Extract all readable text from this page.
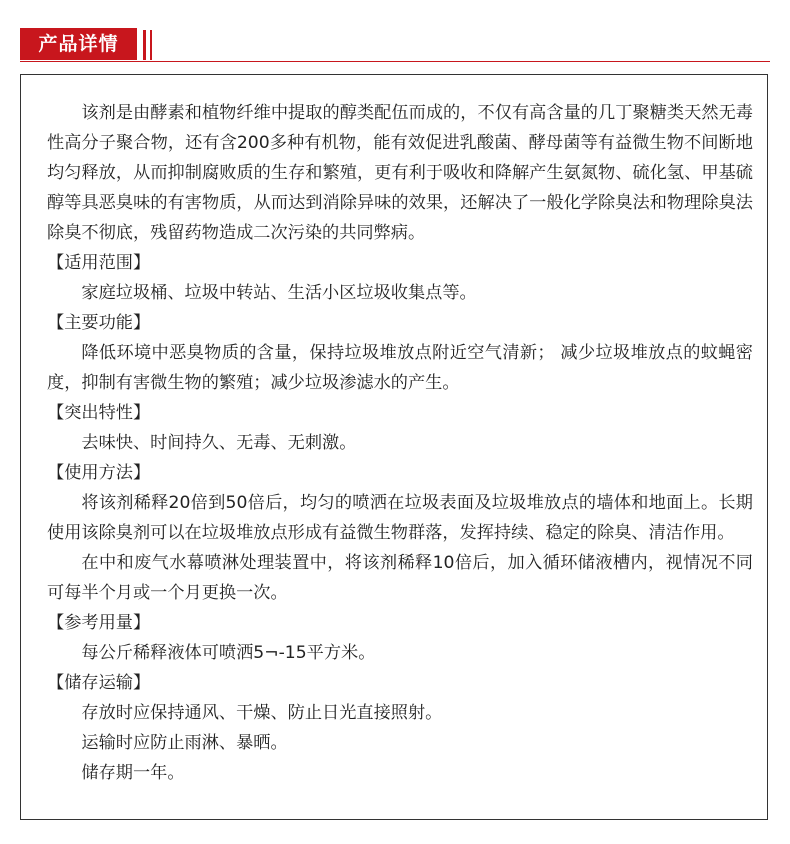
产品详情

该剂是由酵素和植物纤维中提取的醇类配伍而成的，不仅有高含量的几丁聚糖类天然无毒性高分子聚合物，还有含200多种有机物，能有效促进乳酸菌、酵母菌等有益微生物不间断地均匀释放，从而抑制腐败质的生存和繁殖，更有利于吸收和降解产生氨氮物、硫化氢、甲基硫醇等具恶臭味的有害物质，从而达到消除异味的效果，还解决了一般化学除臭法和物理除臭法除臭不彻底，残留药物造成二次污染的共同弊病。

【适用范围】

家庭垃圾桶、垃圾中转站、生活小区垃圾收集点等。

【主要功能】

降低环境中恶臭物质的含量，保持垃圾堆放点附近空气清新； 减少垃圾堆放点的蚊蝇密度，抑制有害微生物的繁殖；减少垃圾渗滤水的产生。

【突出特性】

去味快、时间持久、无毒、无刺激。

【使用方法】

将该剂稀释20倍到50倍后，均匀的喷洒在垃圾表面及垃圾堆放点的墙体和地面上。长期使用该除臭剂可以在垃圾堆放点形成有益微生物群落，发挥持续、稳定的除臭、清洁作用。

在中和废气水幕喷淋处理装置中，将该剂稀释10倍后，加入循环储液槽内，视情况不同可每半个月或一个月更换一次。

【参考用量】

每公斤稀释液体可喷洒5¬-15平方米。

【储存运输】

存放时应保持通风、干燥、防止日光直接照射。

运输时应防止雨淋、暴晒。

储存期一年。
